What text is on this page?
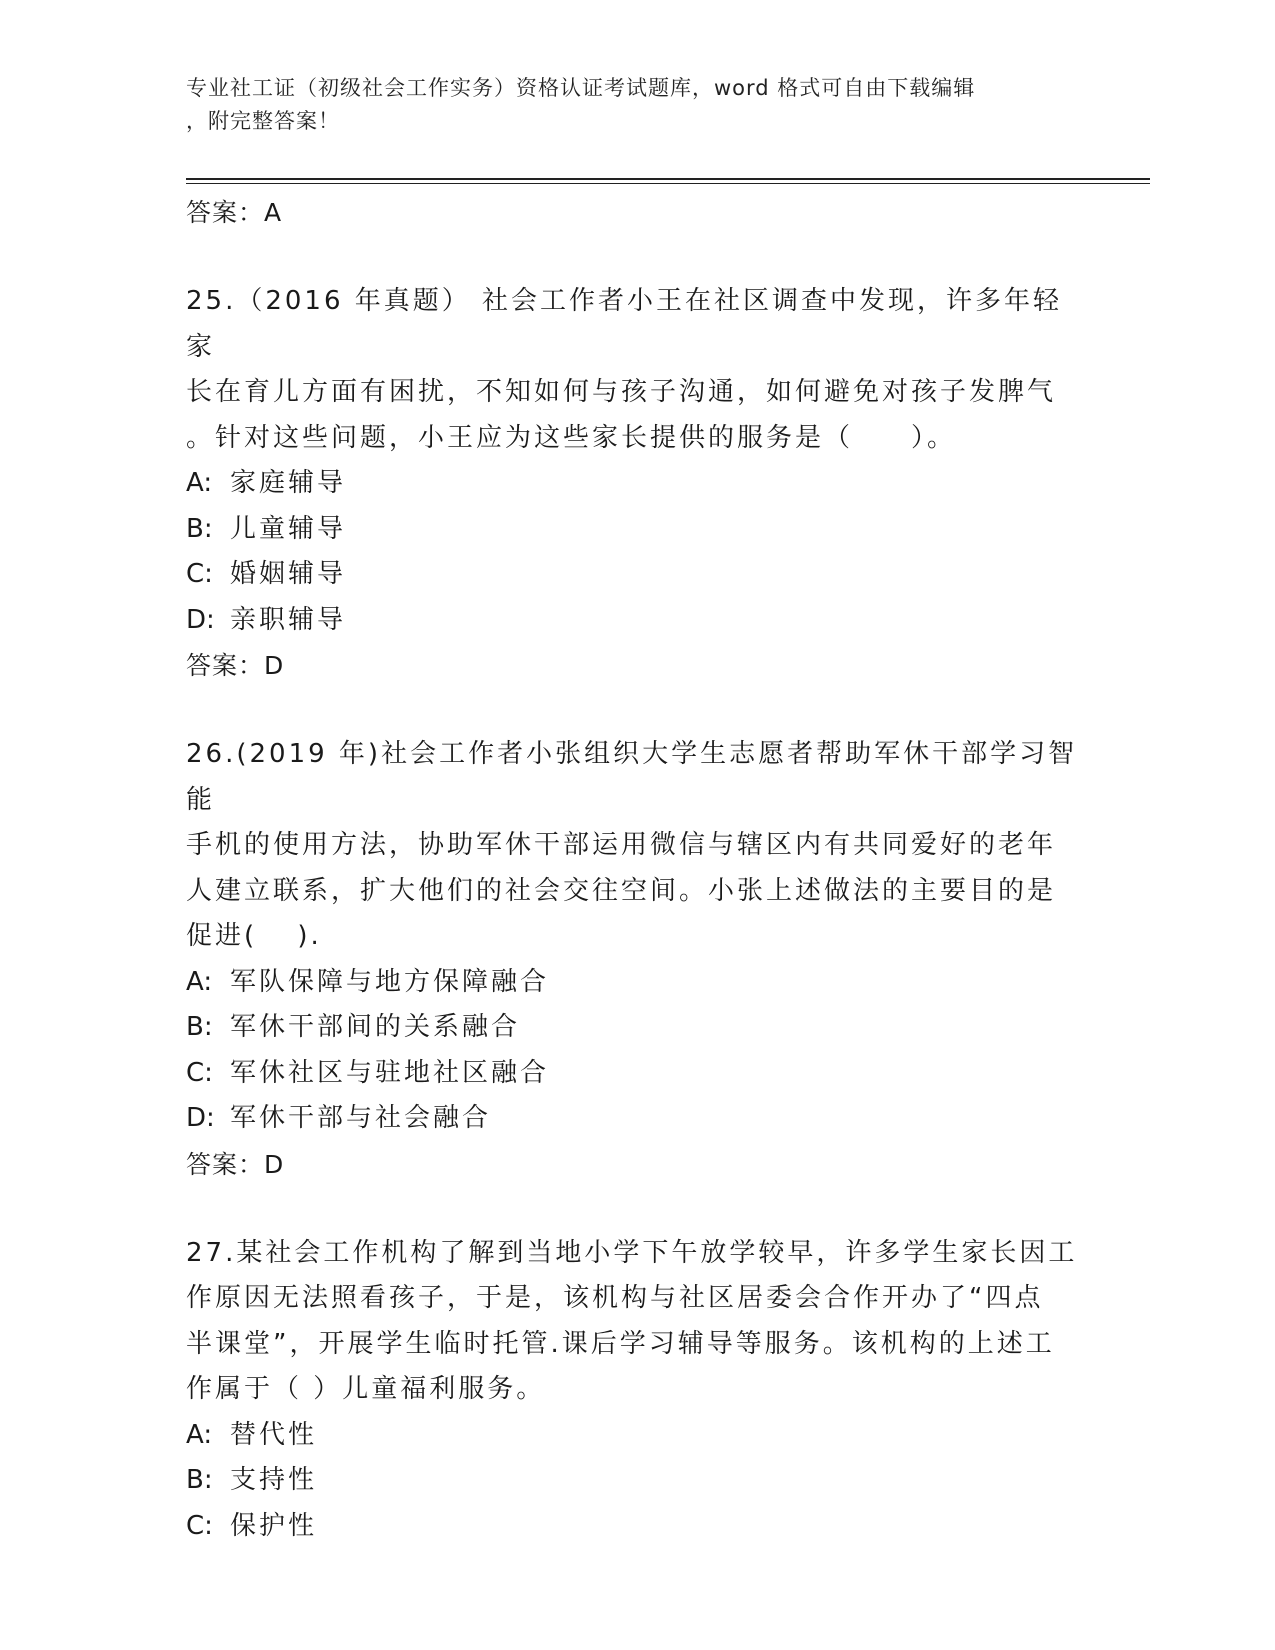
专业社工证（初级社会工作实务）资格认证考试题库，word 格式可自由下载编辑
，附完整答案！

答案：A

25.（2016 年真题） 社会工作者小王在社区调查中发现，许多年轻家

长在育儿方面有困扰，不知如何与孩子沟通，如何避免对孩子发脾气

。针对这些问题，小王应为这些家长提供的服务是（　　）。

A: 家庭辅导

B: 儿童辅导

C: 婚姻辅导

D: 亲职辅导

答案：D

26.(2019 年)社会工作者小张组织大学生志愿者帮助军休干部学习智能

手机的使用方法，协助军休干部运用微信与辖区内有共同爱好的老年

人建立联系，扩大他们的社会交往空间。小张上述做法的主要目的是

促进(　 ).

A: 军队保障与地方保障融合

B: 军休干部间的关系融合

C: 军休社区与驻地社区融合

D: 军休干部与社会融合

答案：D

27.某社会工作机构了解到当地小学下午放学较早，许多学生家长因工

作原因无法照看孩子，于是，该机构与社区居委会合作开办了“四点

半课堂”，开展学生临时托管.课后学习辅导等服务。该机构的上述工

作属于（ ）儿童福利服务。

A: 替代性

B: 支持性

C: 保护性
